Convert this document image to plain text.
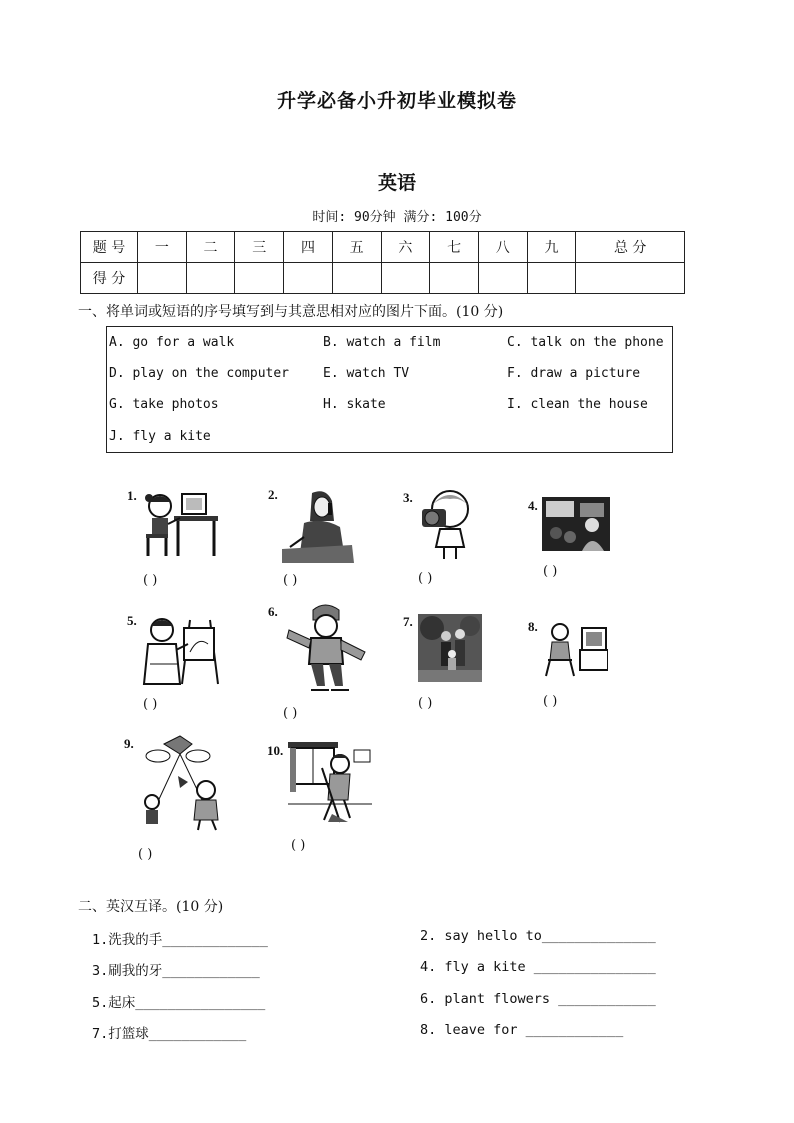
升学必备小升初毕业模拟卷
英语
时间: 90分钟 满分: 100分
题 号	一	二	三	四	五	六	七	八	九	总 分
得 分										
一、将单词或短语的序号填写到与其意思相对应的图片下面。(10 分)
A. go for a walk	B. watch a film	C. talk on the phone
D. play on the computer	E. watch TV	F. draw a picture
G. take photos	H. skate	I. clean the house
J. fly a kite
1.
( )
2.
( )
3.
( )
4.
( )
5.
( )
6.
( )
7.
( )
8.
( )
9.
( )
10.
( )
二、英汉互译。(10 分)
1.洗我的手_____________	2. say hello to______________
3.刷我的牙____________	4. fly a kite _______________
5.起床________________	6. plant flowers ____________
7.打篮球____________	8. leave for ____________
